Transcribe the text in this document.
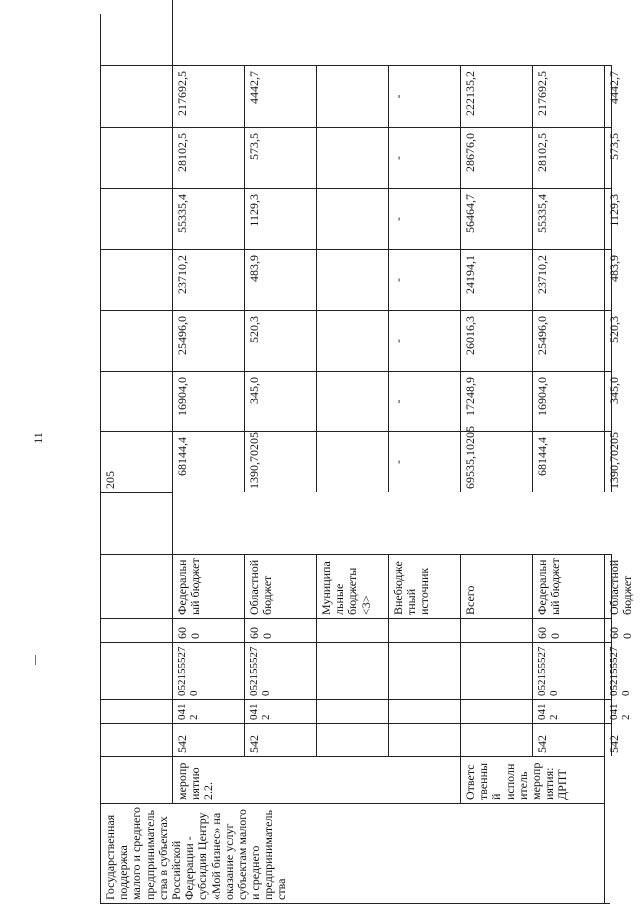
11
Государственная поддержка малого и среднего предпринимательства в субъектах Российской Федерации - субсидия Центру «Мой бизнес» на оказание услуг субъектам малого и среднего предпринимательства
мероприятию 2.2.	Ответственный исполнитель мероприятия: ДРПТ
205
542
0412
0521555270
600
Федеральный бюджет
68144,4
16904,0
25496,0
23710,2
55335,4
28102,5
217692,5
542
0412
0521555270
600
Областной бюджет
1390,70205
345,0
520,3
483,9
1129,3
573,5
4442,7
Муниципальные бюджеты <3>	Внебюджетный источник
-
-
-
-
-
-
-
Всего
69535,10205
17248,9
26016,3
24194,1
56464,7
28676,0
222135,2
542
0412
0521555270
600
Федеральный бюджет
68144,4
16904,0
25496,0
23710,2
55335,4
28102,5
217692,5
542
0412
0521555270
600
Областной бюджет
1390,70205
345,0
520,3
483,9
1129,3
573,5
4442,7
